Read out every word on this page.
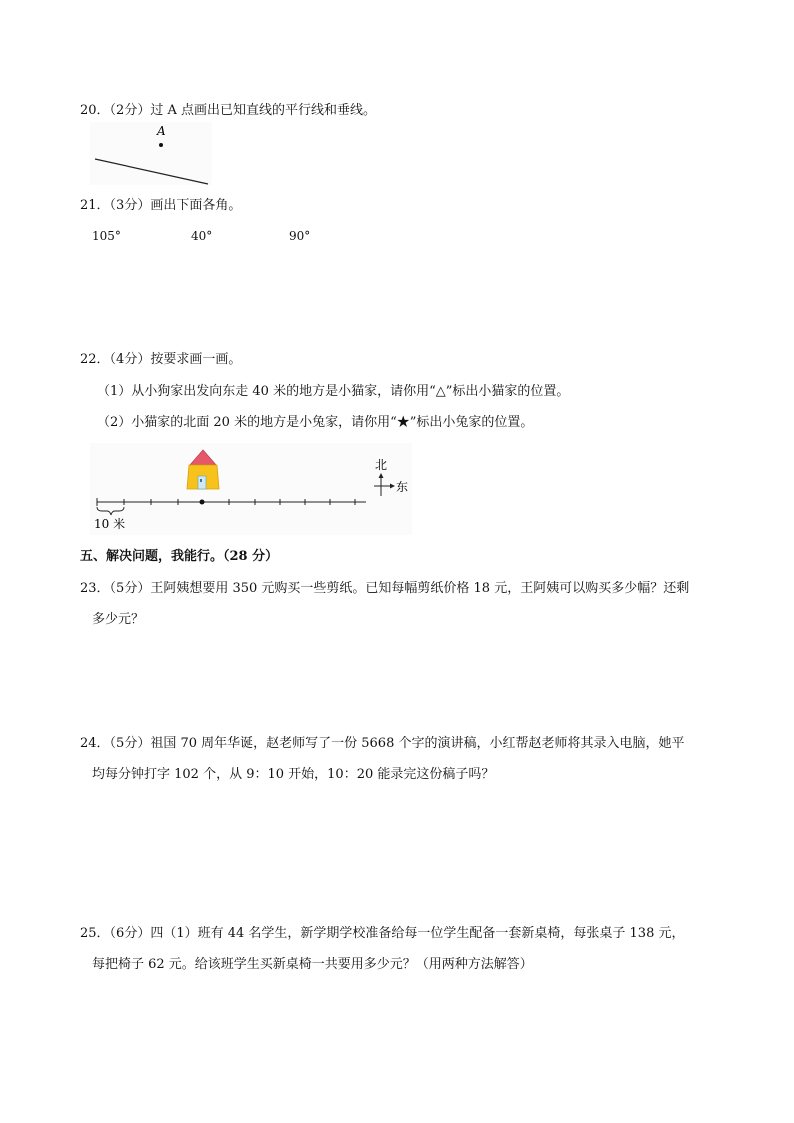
20．（2分）过 A 点画出已知直线的平行线和垂线。
A
21．（3分）画出下面各角。
105°	40°	90°
22．（4分）按要求画一画。
（1）从小狗家出发向东走 40 米的地方是小猫家，请你用“△”标出小猫家的位置。
（2）小猫家的北面 20 米的地方是小兔家，请你用“★”标出小兔家的位置。
10 米
北
东
五、解决问题，我能行。（28 分）
23．（5分）王阿姨想要用 350 元购买一些剪纸。已知每幅剪纸价格 18 元，王阿姨可以购买多少幅？还剩
多少元？
24．（5分）祖国 70 周年华诞，赵老师写了一份 5668 个字的演讲稿，小红帮赵老师将其录入电脑，她平
均每分钟打字 102 个，从 9：10 开始，10：20 能录完这份稿子吗？
25．（6分）四（1）班有 44 名学生，新学期学校准备给每一位学生配备一套新桌椅，每张桌子 138 元，
每把椅子 62 元。给该班学生买新桌椅一共要用多少元？（用两种方法解答）
